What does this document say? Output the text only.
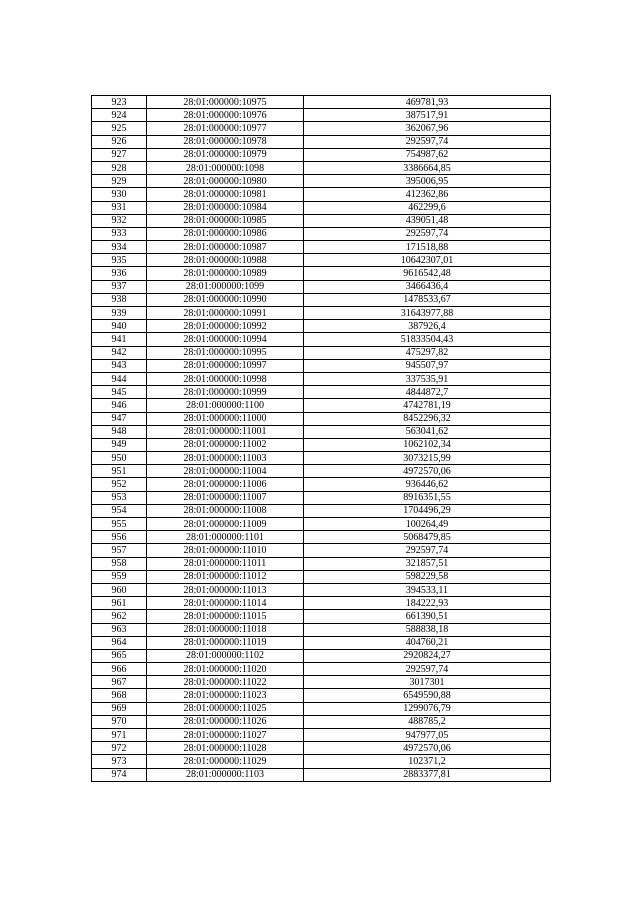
923	28:01:000000:10975	469781,93
924	28:01:000000:10976	387517,91
925	28:01:000000:10977	362067,96
926	28:01:000000:10978	292597,74
927	28:01:000000:10979	754987,62
928	28:01:000000:1098	3386664,85
929	28:01:000000:10980	395006,95
930	28:01:000000:10981	412362,86
931	28:01:000000:10984	462299,6
932	28:01:000000:10985	439051,48
933	28:01:000000:10986	292597,74
934	28:01:000000:10987	171518,88
935	28:01:000000:10988	10642307,01
936	28:01:000000:10989	9616542,48
937	28:01:000000:1099	3466436,4
938	28:01:000000:10990	1478533,67
939	28:01:000000:10991	31643977,88
940	28:01:000000:10992	387926,4
941	28:01:000000:10994	51833504,43
942	28:01:000000:10995	475297,82
943	28:01:000000:10997	945507,97
944	28:01:000000:10998	337535,91
945	28:01:000000:10999	4844872,7
946	28:01:000000:1100	4742781,19
947	28:01:000000:11000	8452296,32
948	28:01:000000:11001	563041,62
949	28:01:000000:11002	1062102,34
950	28:01:000000:11003	3073215,99
951	28:01:000000:11004	4972570,06
952	28:01:000000:11006	936446,62
953	28:01:000000:11007	8916351,55
954	28:01:000000:11008	1704496,29
955	28:01:000000:11009	100264,49
956	28:01:000000:1101	5068479,85
957	28:01:000000:11010	292597,74
958	28:01:000000:11011	321857,51
959	28:01:000000:11012	598229,58
960	28:01:000000:11013	394533,11
961	28:01:000000:11014	184222,93
962	28:01:000000:11015	661390,51
963	28:01:000000:11018	588838,18
964	28:01:000000:11019	404760,21
965	28:01:000000:1102	2920824,27
966	28:01:000000:11020	292597,74
967	28:01:000000:11022	3017301
968	28:01:000000:11023	6549590,88
969	28:01:000000:11025	1299076,79
970	28:01:000000:11026	488785,2
971	28:01:000000:11027	947977,05
972	28:01:000000:11028	4972570,06
973	28:01:000000:11029	102371,2
974	28:01:000000:1103	2883377,81
